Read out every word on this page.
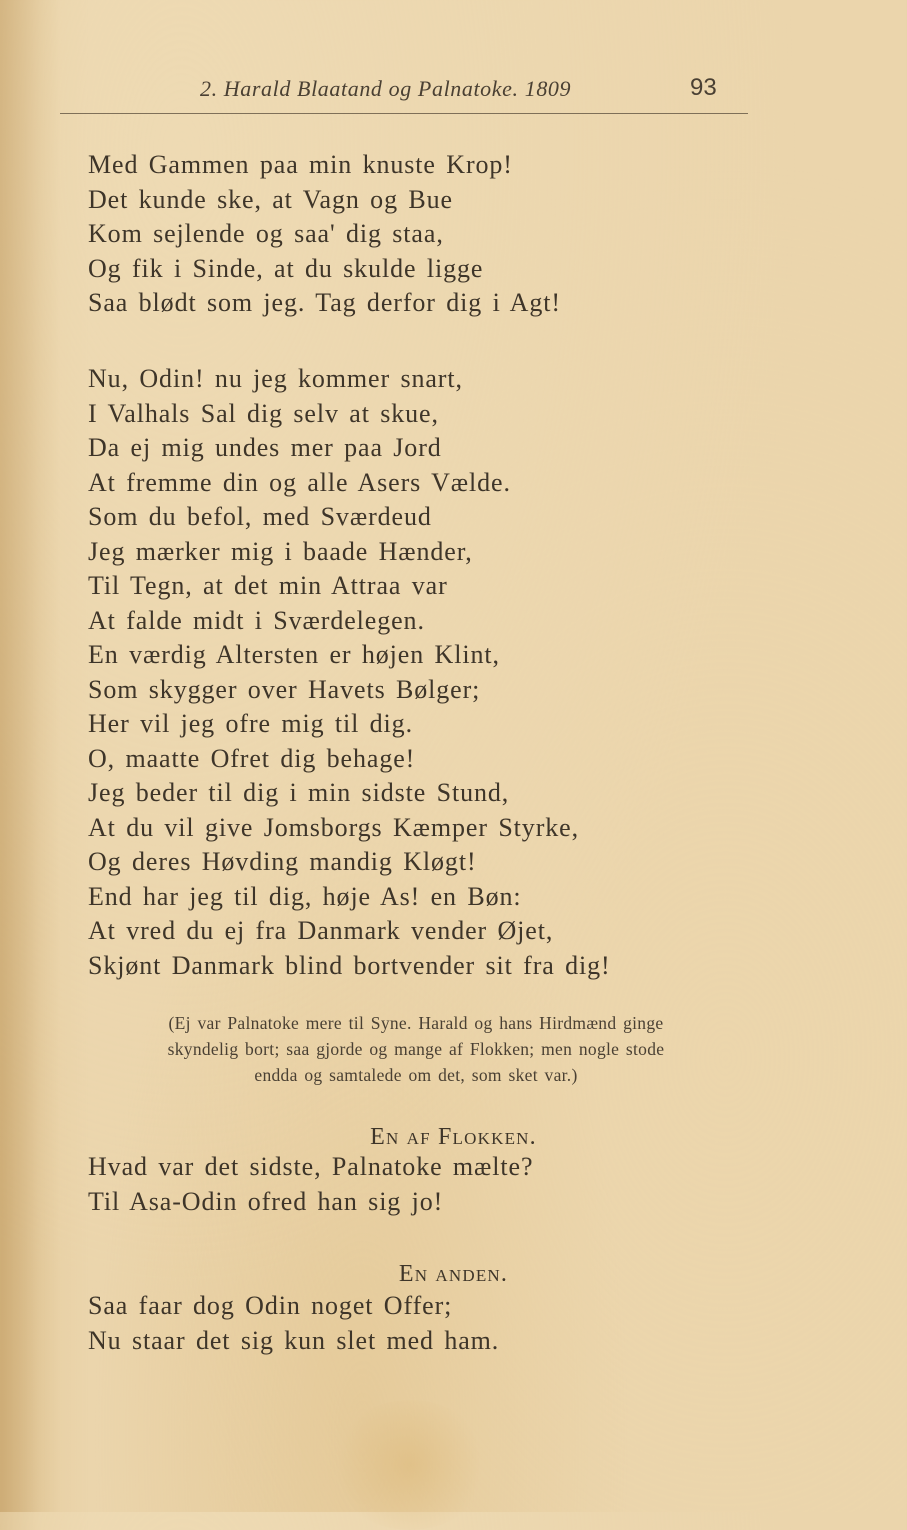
2. Harald Blaatand og Palnatoke. 1809	93
Med Gammen paa min knuste Krop!
Det kunde ske, at Vagn og Bue
Kom sejlende og saa' dig staa,
Og fik i Sinde, at du skulde ligge
Saa blødt som jeg. Tag derfor dig i Agt!
Nu, Odin! nu jeg kommer snart,
I Valhals Sal dig selv at skue,
Da ej mig undes mer paa Jord
At fremme din og alle Asers Vælde.
Som du befol, med Sværdeud
Jeg mærker mig i baade Hænder,
Til Tegn, at det min Attraa var
At falde midt i Sværdelegen.
En værdig Altersten er højen Klint,
Som skygger over Havets Bølger;
Her vil jeg ofre mig til dig.
O, maatte Ofret dig behage!
Jeg beder til dig i min sidste Stund,
At du vil give Jomsborgs Kæmper Styrke,
Og deres Høvding mandig Kløgt!
End har jeg til dig, høje As! en Bøn:
At vred du ej fra Danmark vender Øjet,
Skjønt Danmark blind bortvender sit fra dig!
(Ej var Palnatoke mere til Syne. Harald og hans Hirdmænd ginge
skyndelig bort; saa gjorde og mange af Flokken; men nogle stode
endda og samtalede om det, som sket var.)
En af Flokken.
Hvad var det sidste, Palnatoke mælte?
Til Asa-Odin ofred han sig jo!
En anden.
Saa faar dog Odin noget Offer;
Nu staar det sig kun slet med ham.
